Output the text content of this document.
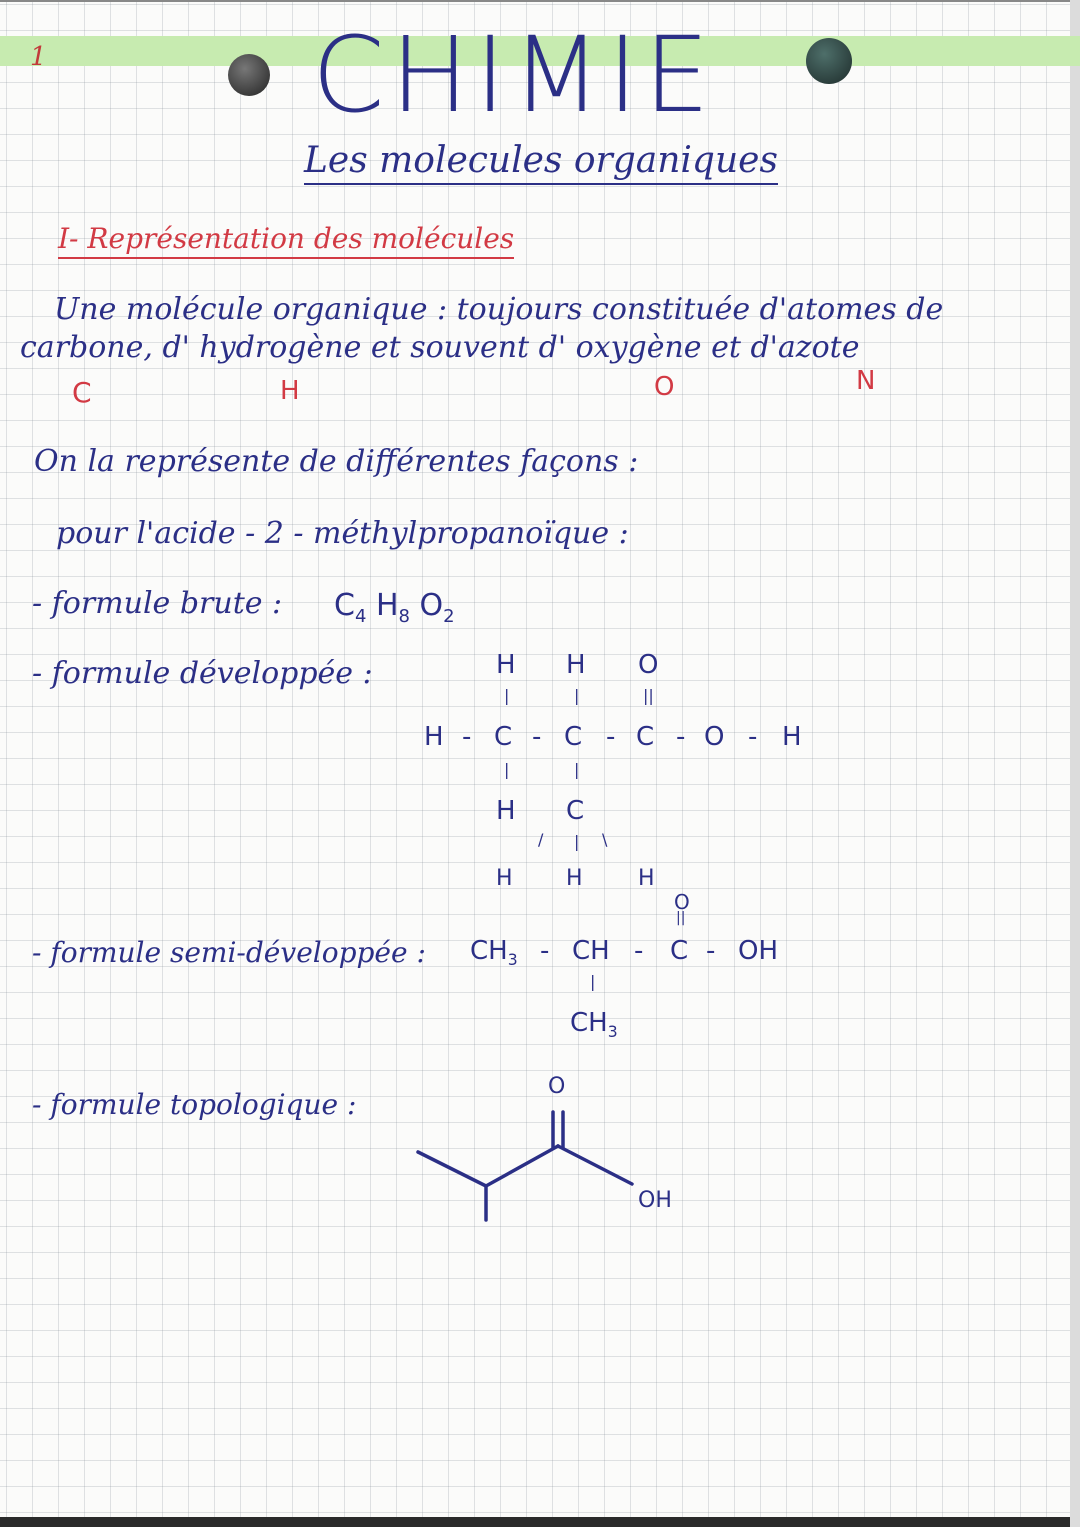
1	CHIMIE
Les molecules organiques
I- Représentation des molécules
Une molécule organique : toujours constituée d'atomes de
carbone, d' hydrogène et souvent d' oxygène et d'azote
C	H	O	N
On la représente de différentes façons :
pour l'acide - 2 - méthylpropanoïque :
- formule brute : $C_4$ $H_8$ $O_2$
- formule développée :	H H O
|	|	||
H - C - C - C - O - H
|	|
H C
/ | \
H H	H
- formule semi-développée :
O
||
$CH_3$ - CH - C - OH
|
$CH_3$
- formule topologique :
O
OH
